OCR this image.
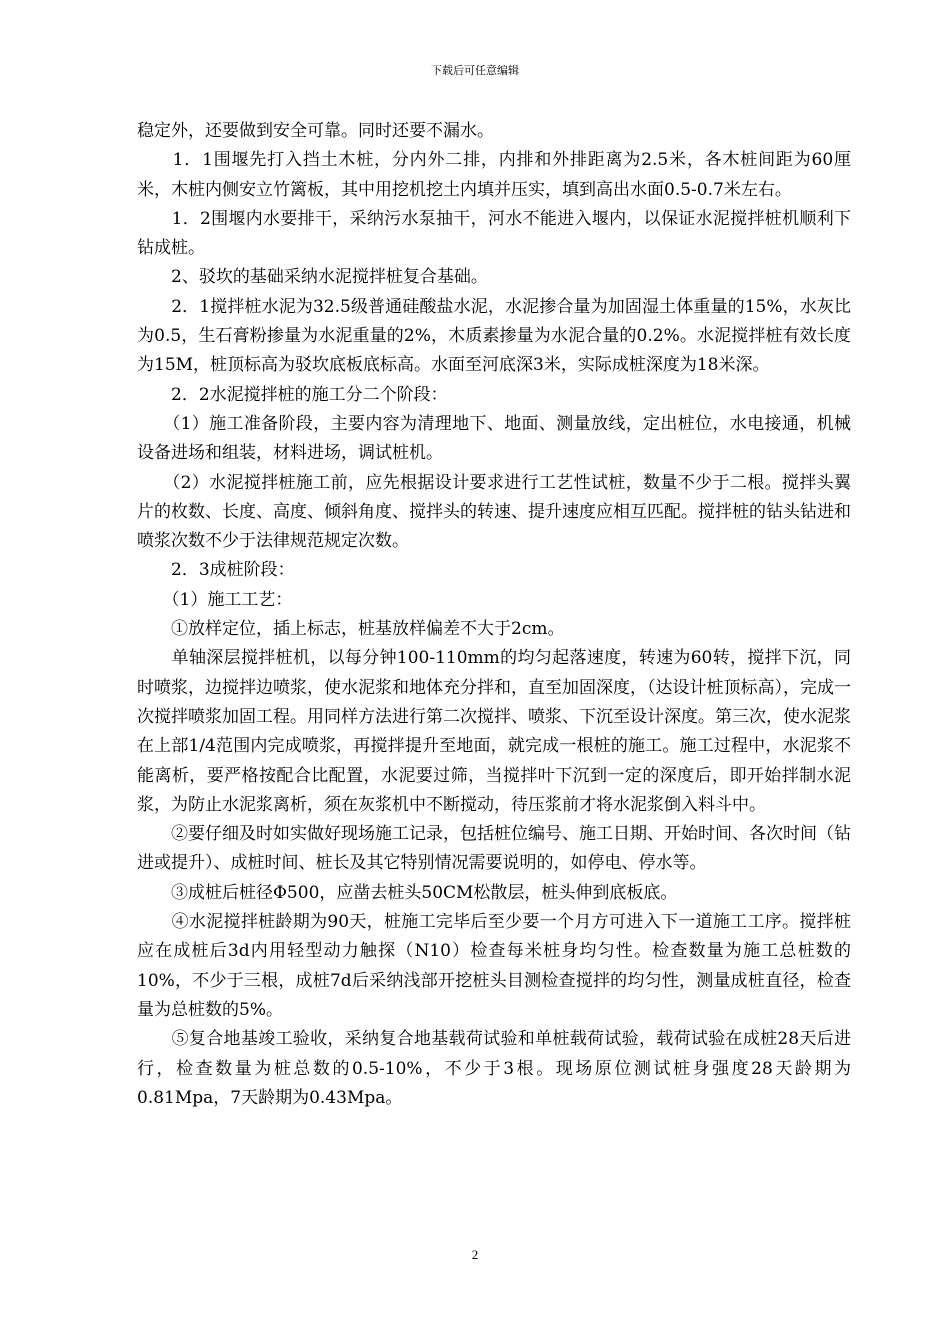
下载后可任意编辑

稳定外，还要做到安全可靠。同时还要不漏水。

　　1．1围堰先打入挡土木桩，分内外二排，内排和外排距离为2.5米，各木桩间距为60厘米，木桩内侧安立竹篱板，其中用挖机挖土内填并压实，填到高出水面0.5-0.7米左右。

　　1．2围堰内水要排干，采纳污水泵抽干，河水不能进入堰内，以保证水泥搅拌桩机顺利下钻成桩。

　　2、驳坎的基础采纳水泥搅拌桩复合基础。

　　2．1搅拌桩水泥为32.5级普通硅酸盐水泥，水泥掺合量为加固湿土体重量的15%，水灰比为0.5，生石膏粉掺量为水泥重量的2%，木质素掺量为水泥合量的0.2%。水泥搅拌桩有效长度为15M，桩顶标高为驳坎底板底标高。水面至河底深3米，实际成桩深度为18米深。

　　2．2水泥搅拌桩的施工分二个阶段：

　　（1）施工准备阶段，主要内容为清理地下、地面、测量放线，定出桩位，水电接通，机械设备进场和组装，材料进场，调试桩机。

　　（2）水泥搅拌桩施工前，应先根据设计要求进行工艺性试桩，数量不少于二根。搅拌头翼片的枚数、长度、高度、倾斜角度、搅拌头的转速、提升速度应相互匹配。搅拌桩的钻头钻进和喷浆次数不少于法律规范规定次数。

　　2．3成桩阶段：

　　（1）施工工艺：

　　①放样定位，插上标志，桩基放样偏差不大于2cm。

　　单轴深层搅拌桩机，以每分钟100-110mm的均匀起落速度，转速为60转，搅拌下沉，同时喷浆，边搅拌边喷浆，使水泥浆和地体充分拌和，直至加固深度，（达设计桩顶标高），完成一次搅拌喷浆加固工程。用同样方法进行第二次搅拌、喷浆、下沉至设计深度。第三次，使水泥浆在上部1/4范围内完成喷浆，再搅拌提升至地面，就完成一根桩的施工。施工过程中，水泥浆不能离析，要严格按配合比配置，水泥要过筛，当搅拌叶下沉到一定的深度后，即开始拌制水泥浆，为防止水泥浆离析，须在灰浆机中不断搅动，待压浆前才将水泥浆倒入料斗中。

　　②要仔细及时如实做好现场施工记录，包括桩位编号、施工日期、开始时间、各次时间（钻进或提升）、成桩时间、桩长及其它特别情况需要说明的，如停电、停水等。

　　③成桩后桩径Φ500，应凿去桩头50CM松散层，桩头伸到底板底。

　　④水泥搅拌桩龄期为90天，桩施工完毕后至少要一个月方可进入下一道施工工序。搅拌桩应在成桩后3d内用轻型动力触探（N10）检查每米桩身均匀性。检查数量为施工总桩数的10%，不少于三根，成桩7d后采纳浅部开挖桩头目测检查搅拌的均匀性，测量成桩直径，检查量为总桩数的5%。

　　⑤复合地基竣工验收，采纳复合地基载荷试验和单桩载荷试验，载荷试验在成桩28天后进行，检查数量为桩总数的0.5-10%，不少于3根。现场原位测试桩身强度28天龄期为0.81Mpa，7天龄期为0.43Mpa。

2
